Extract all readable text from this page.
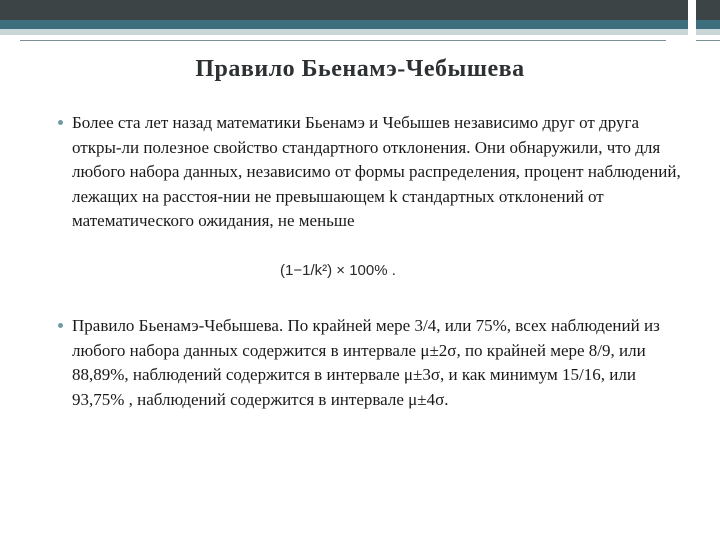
Правило Бьенамэ-Чебышева
Более ста лет назад математики Бьенамэ и Чебышев независимо друг от друга откры-ли полезное свойство стандартного отклонения. Они обнаружили, что для любого набора данных, независимо от формы распределения, процент наблюдений, лежащих на расстоя-нии не превышающем k стандартных отклонений от математического ожидания, не меньше
(1−1/k²) × 100% .
Правило Бьенамэ-Чебышева. По крайней мере 3/4, или 75%, всех наблюдений из любого набора данных содержится в интервале μ±2σ, по крайней мере 8/9, или 88,89%, наблюдений содержится в интервале μ±3σ, и как минимум 15/16, или 93,75% , наблюдений содержится в интервале μ±4σ.
